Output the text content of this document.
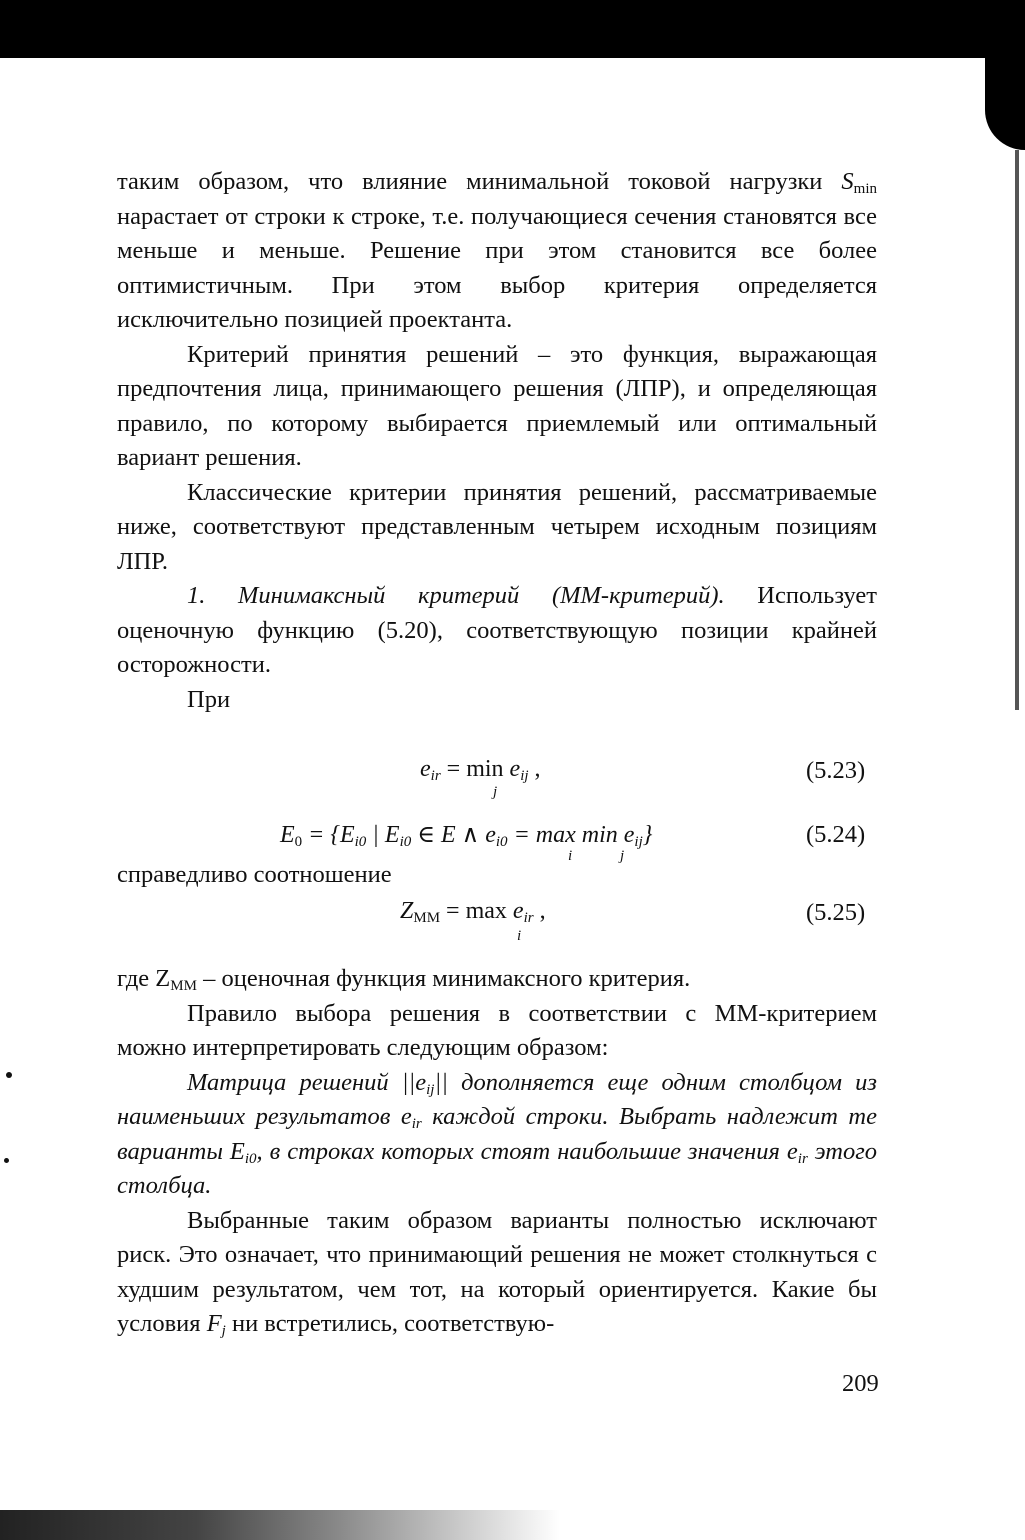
таким образом, что влияние минимальной токовой нагрузки $S_{min}$ нарастает от строки к строке, т.е. получающиеся сечения становятся все меньше и меньше. Решение при этом становится все более оптимистичным. При этом выбор критерия определяется исключительно позицией проектанта.

Критерий принятия решений – это функция, выражающая предпочтения лица, принимающего решения (ЛПР), и определяющая правило, по которому выбирается приемлемый или оптимальный вариант решения.

Классические критерии принятия решений, рассматриваемые ниже, соответствуют представленным четырем исходным позициям ЛПР.

1. Минимаксный критерий (ММ-критерий). Использует оценочную функцию (5.20), соответствующую позиции крайней осторожности.

При

$e_{ir} = \min e_{ij}$ ,
j
(5.23)
$E_0 = \{E_{i0}$ | $E_{i0}$ ∈ E ∧ $e_{i0} = \max \min e_{ij}$}
i	j
(5.24)

справедливо соотношение

$Z_{ММ} = \max e_{ir}$ ,
i
(5.25)

где $Z_{ММ}$ – оценочная функция минимаксного критерия.

Правило выбора решения в соответствии с ММ-критерием можно интерпретировать следующим образом:

Матрица решений $||e_{ij}||$ дополняется еще одним столбцом из наименьших результатов $e_{ir}$ каждой строки. Выбрать надлежит те варианты $E_{i0}$, в строках которых стоят наибольшие значения $e_{ir}$ этого столбца.

Выбранные таким образом варианты полностью исключают риск. Это означает, что принимающий решения не может столкнуться с худшим результатом, чем тот, на который ориентируется. Какие бы условия $F_j$ ни встретились, соответствую-

209
